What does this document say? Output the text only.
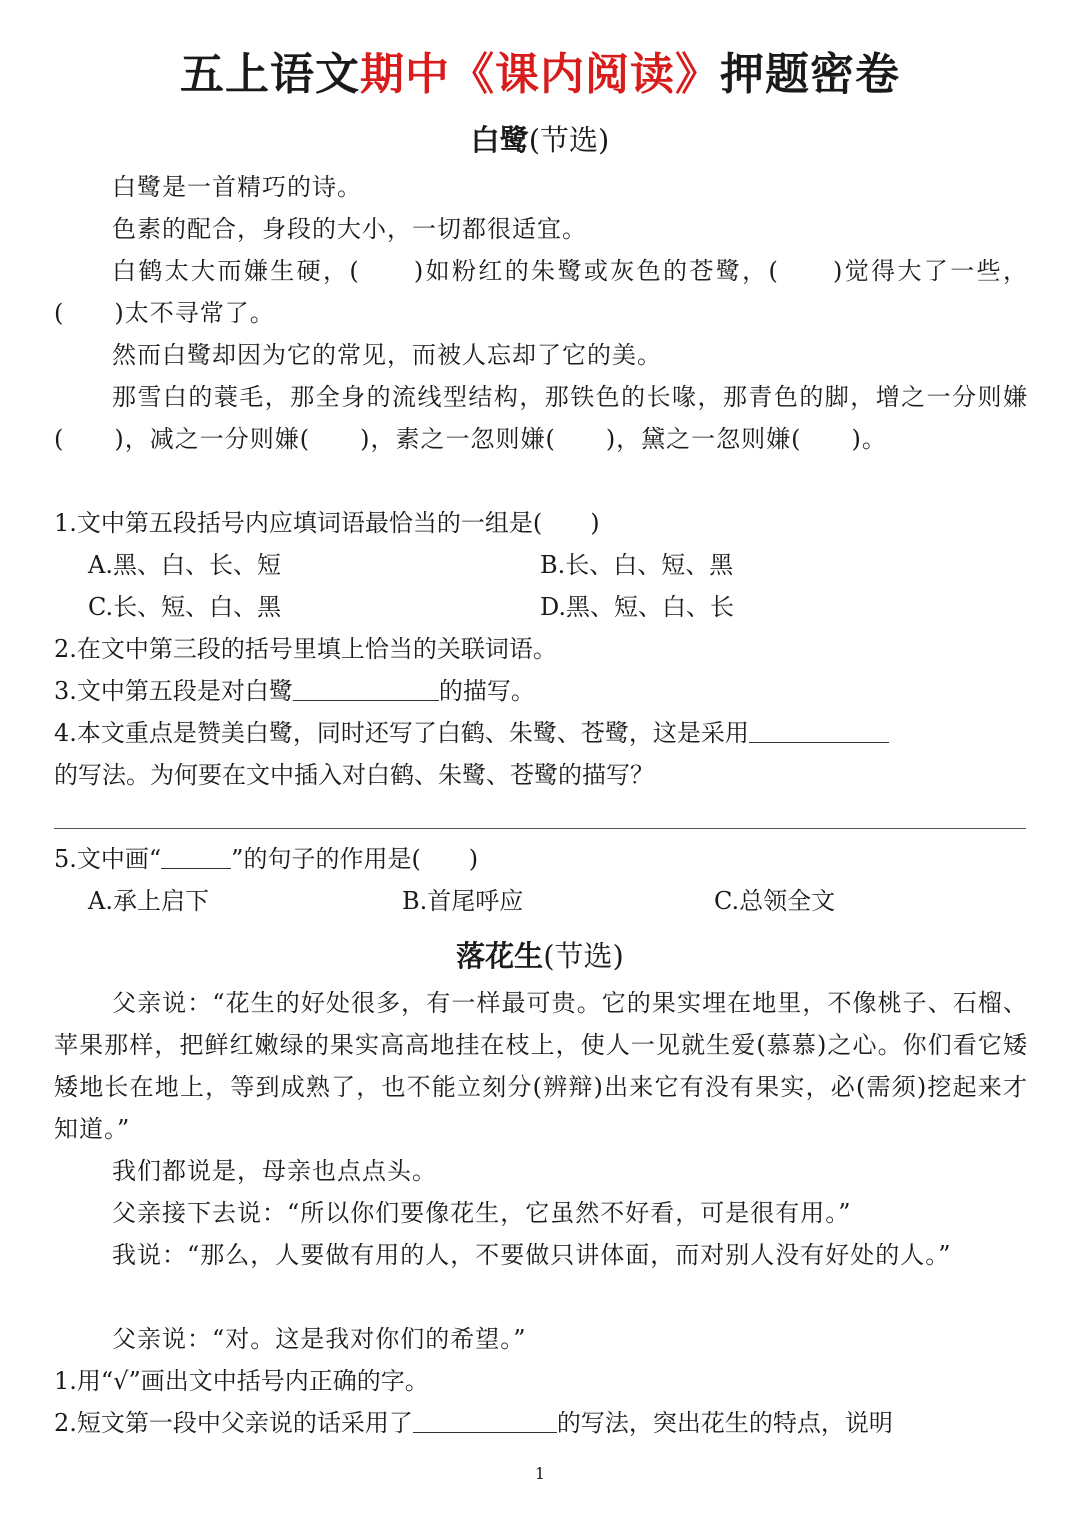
五上语文期中《课内阅读》押题密卷
白鹭(节选)
白鹭是一首精巧的诗。
色素的配合，身段的大小，一切都很适宜。
白鹤太大而嫌生硬，(　　)如粉红的朱鹭或灰色的苍鹭，(　　)觉得大了一些，(　　)太不寻常了。
然而白鹭却因为它的常见，而被人忘却了它的美。
那雪白的蓑毛，那全身的流线型结构，那铁色的长喙，那青色的脚，增之一分则嫌(　　)，减之一分则嫌(　　)，素之一忽则嫌(　　)，黛之一忽则嫌(　　)。
1.文中第五段括号内应填词语最恰当的一组是(　　)
A.黑、白、长、短	B.长、白、短、黑
C.长、短、白、黑	D.黑、短、白、长
2.在文中第三段的括号里填上恰当的关联词语。
3.文中第五段是对白鹭	的描写。
4.本文重点是赞美白鹭，同时还写了白鹤、朱鹭、苍鹭，这是采用
的写法。为何要在文中插入对白鹤、朱鹭、苍鹭的描写？
5.文中画“	”的句子的作用是(　　)
A.承上启下	B.首尾呼应	C.总领全文
落花生(节选)
父亲说：“花生的好处很多，有一样最可贵。它的果实埋在地里，不像桃子、石榴、苹果那样，把鲜红嫩绿的果实高高地挂在枝上，使人一见就生爱(慕慕)之心。你们看它矮矮地长在地上，等到成熟了，也不能立刻分(辨辩)出来它有没有果实，必(需须)挖起来才知道。”
我们都说是，母亲也点点头。
父亲接下去说：“所以你们要像花生，它虽然不好看，可是很有用。”
我说：“那么，人要做有用的人，不要做只讲体面，而对别人没有好处的人。”
父亲说：“对。这是我对你们的希望。”
1.用“√”画出文中括号内正确的字。
2.短文第一段中父亲说的话采用了	的写法，突出花生的特点，说明
1
